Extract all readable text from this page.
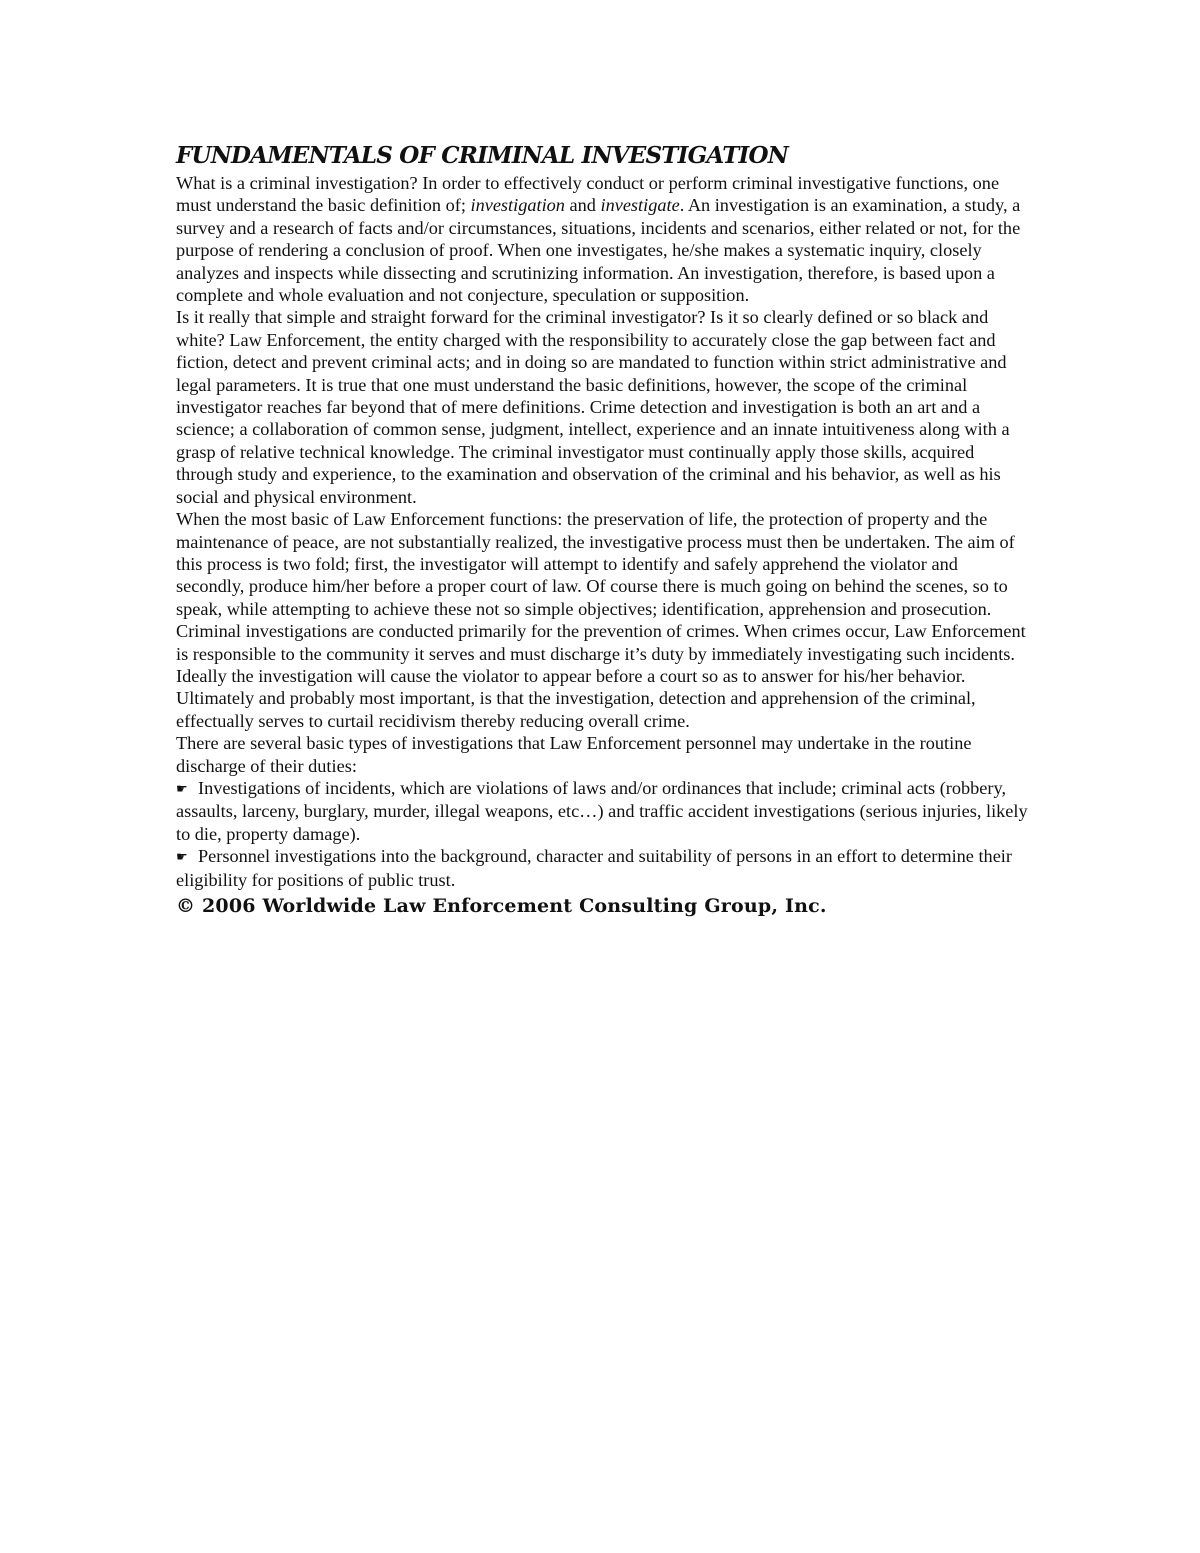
FUNDAMENTALS OF CRIMINAL INVESTIGATION

What is a criminal investigation? In order to effectively conduct or perform criminal investigative functions, one must understand the basic definition of; investigation and investigate. An investigation is an examination, a study, a survey and a research of facts and/or circumstances, situations, incidents and scenarios, either related or not, for the purpose of rendering a conclusion of proof. When one investigates, he/she makes a systematic inquiry, closely analyzes and inspects while dissecting and scrutinizing information. An investigation, therefore, is based upon a complete and whole evaluation and not conjecture, speculation or supposition.

Is it really that simple and straight forward for the criminal investigator? Is it so clearly defined or so black and white? Law Enforcement, the entity charged with the responsibility to accurately close the gap between fact and fiction, detect and prevent criminal acts; and in doing so are mandated to function within strict administrative and legal parameters. It is true that one must understand the basic definitions, however, the scope of the criminal investigator reaches far beyond that of mere definitions. Crime detection and investigation is both an art and a science; a collaboration of common sense, judgment, intellect, experience and an innate intuitiveness along with a grasp of relative technical knowledge. The criminal investigator must continually apply those skills, acquired through study and experience, to the examination and observation of the criminal and his behavior, as well as his social and physical environment.

When the most basic of Law Enforcement functions: the preservation of life, the protection of property and the maintenance of peace, are not substantially realized, the investigative process must then be undertaken. The aim of this process is two fold; first, the investigator will attempt to identify and safely apprehend the violator and secondly, produce him/her before a proper court of law. Of course there is much going on behind the scenes, so to speak, while attempting to achieve these not so simple objectives; identification, apprehension and prosecution.

Criminal investigations are conducted primarily for the prevention of crimes. When crimes occur, Law Enforcement is responsible to the community it serves and must discharge it’s duty by immediately investigating such incidents. Ideally the investigation will cause the violator to appear before a court so as to answer for his/her behavior. Ultimately and probably most important, is that the investigation, detection and apprehension of the criminal, effectually serves to curtail recidivism thereby reducing overall crime.

There are several basic types of investigations that Law Enforcement personnel may undertake in the routine discharge of their duties:

☛ Investigations of incidents, which are violations of laws and/or ordinances that include; criminal acts (robbery, assaults, larceny, burglary, murder, illegal weapons, etc…) and traffic accident investigations (serious injuries, likely to die, property damage).

☛ Personnel investigations into the background, character and suitability of persons in an effort to determine their eligibility for positions of public trust.

© 2006 Worldwide Law Enforcement Consulting Group, Inc.
